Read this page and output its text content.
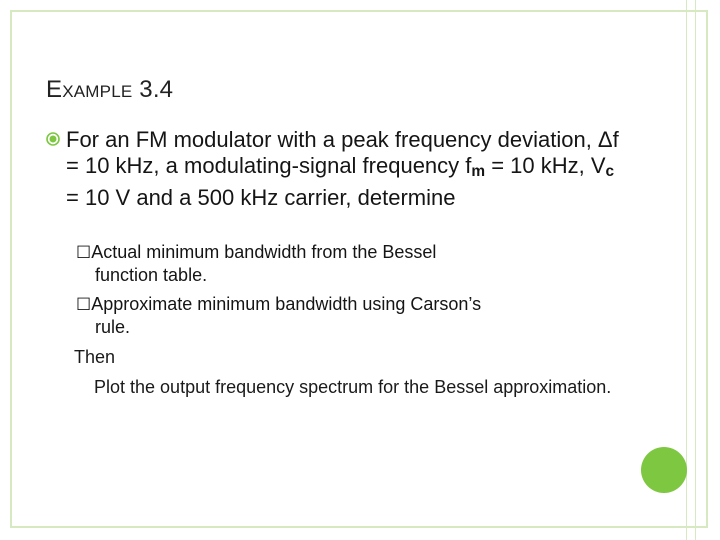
EXAMPLE 3.4
For an FM modulator with a peak frequency deviation, Δf = 10 kHz, a modulating-signal frequency $f_m = 10$ kHz, $V_c = 10$ V and a 500 kHz carrier, determine
☐Actual minimum bandwidth from the Bessel
function table.
☐Approximate minimum bandwidth using Carson’s
rule.
Then
Plot the output frequency spectrum for the Bessel approximation.
